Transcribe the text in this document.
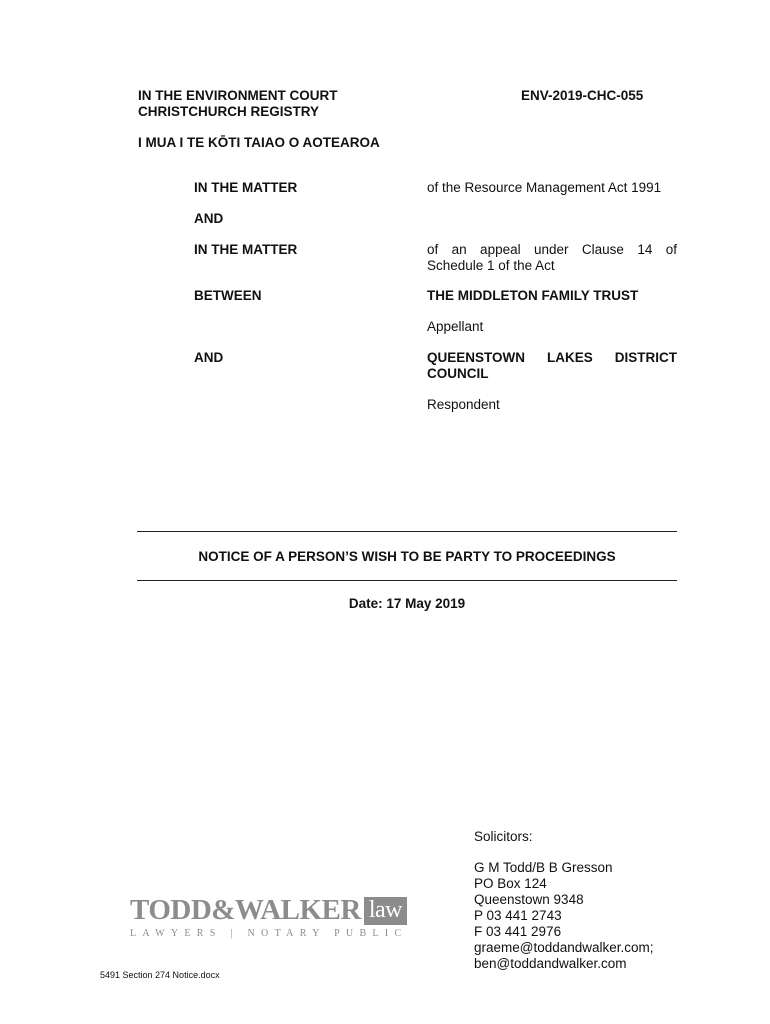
IN THE ENVIRONMENT COURT
CHRISTCHURCH REGISTRY
ENV-2019-CHC-055
I MUA I TE KŌTI TAIAO O AOTEAROA
IN THE MATTER	of the Resource Management Act 1991
AND
IN THE MATTER	of an appeal under Clause 14 of
Schedule 1 of the Act
BETWEEN	THE MIDDLETON FAMILY TRUST
Appellant
AND	QUEENSTOWN LAKES DISTRICT
COUNCIL
Respondent
NOTICE OF A PERSON’S WISH TO BE PARTY TO PROCEEDINGS
Date: 17 May 2019
TODD&WALKER law
LAWYERS | NOTARY PUBLIC
Solicitors:
G M Todd/B B Gresson
PO Box 124
Queenstown 9348
P 03 441 2743
F 03 441 2976
graeme@toddandwalker.com;
ben@toddandwalker.com
5491 Section 274 Notice.docx
